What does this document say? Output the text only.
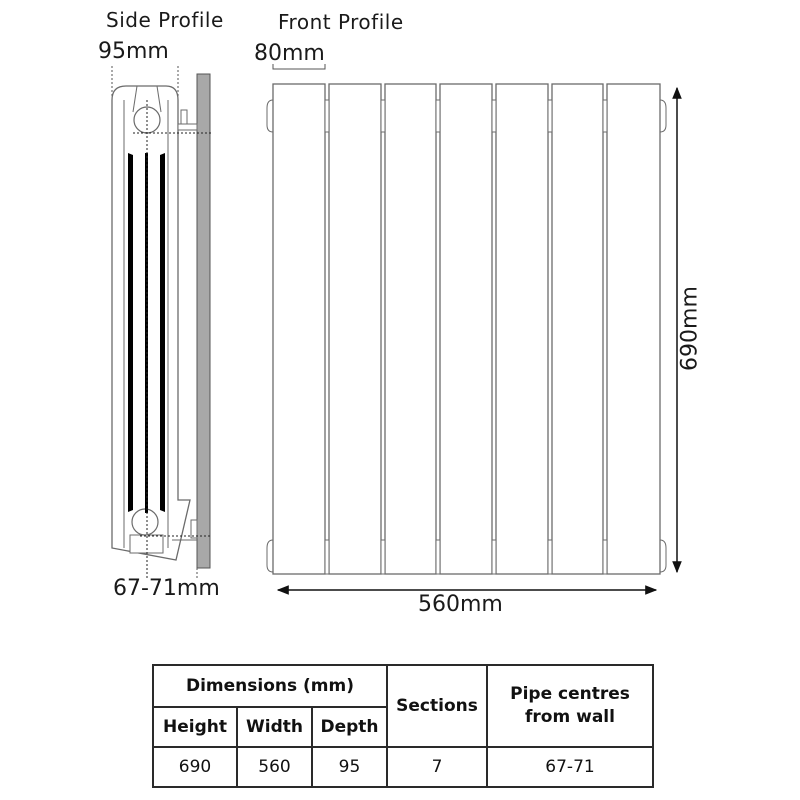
Side Profile	Front Profile
95mm	80mm
67-71mm
560mm
690mm
Dimensions (mm)			Sections	Pipe centres from wall
Height	Width	Depth		
690	560	95	7	67-71
